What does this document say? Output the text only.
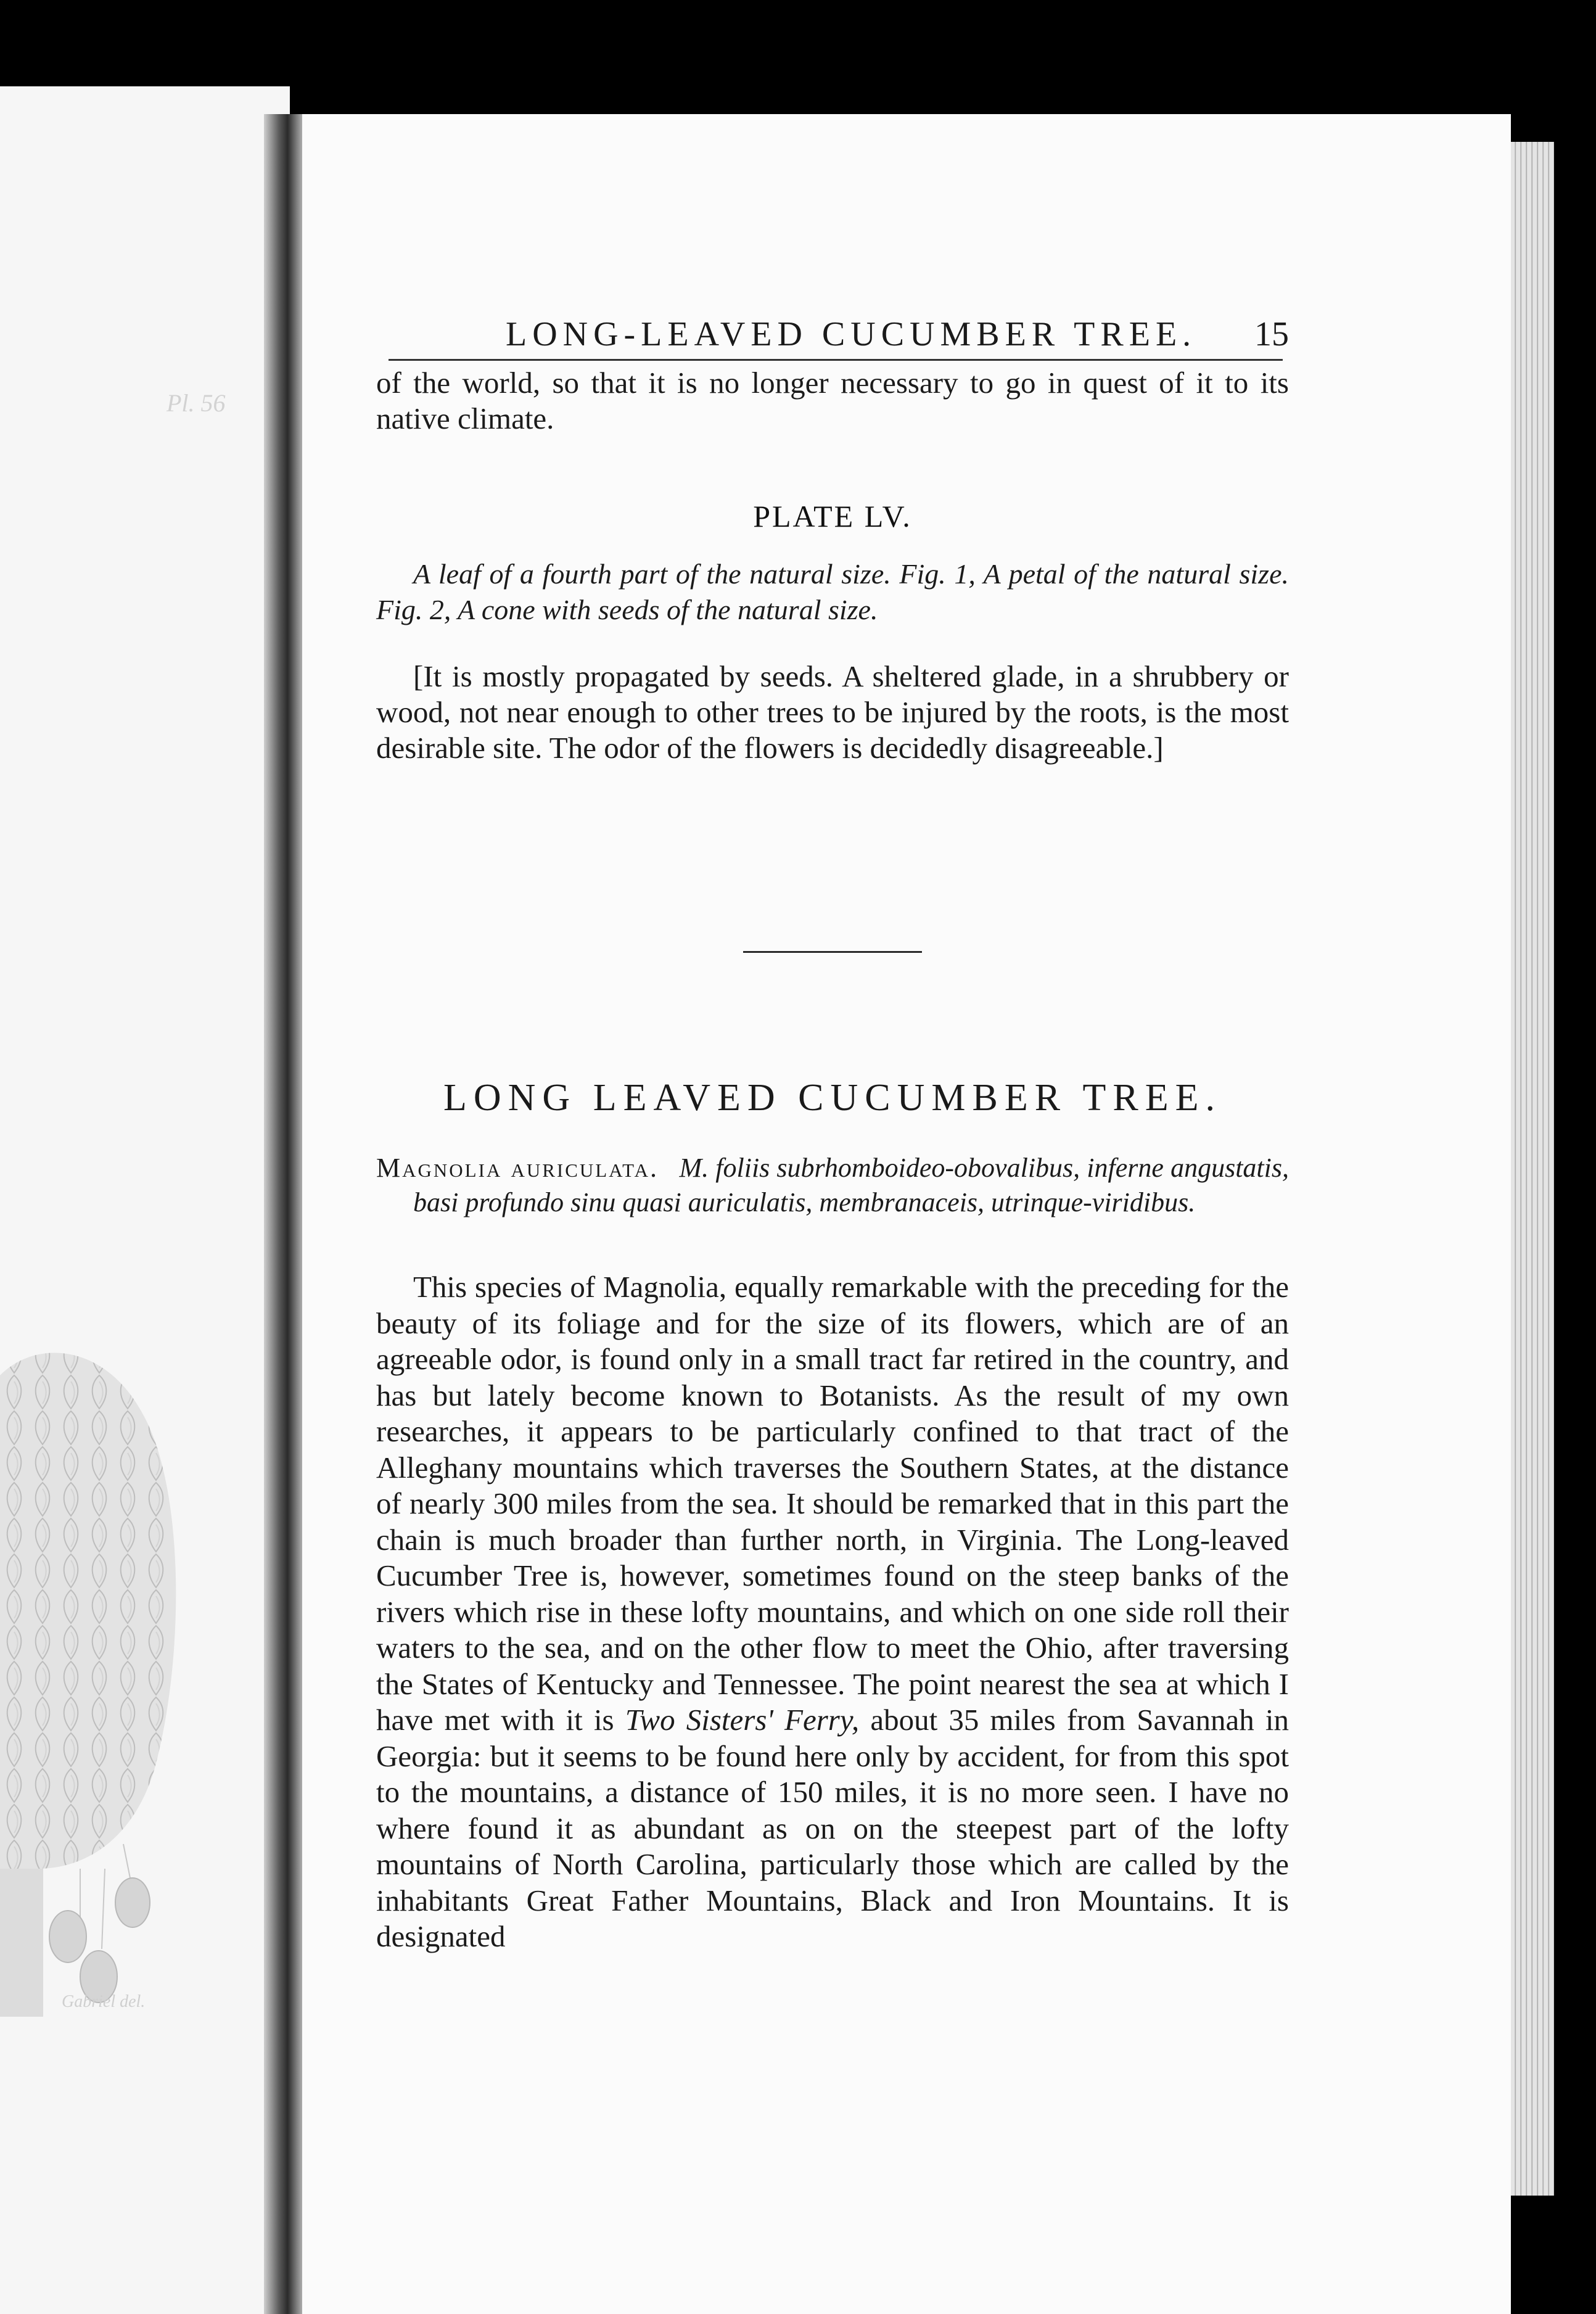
Pl. 56
Gabriel del.
LONG-LEAVED CUCUMBER TREE. 15

of the world, so that it is no longer necessary to go in quest of it to its native climate.

PLATE LV.

A leaf of a fourth part of the natural size. Fig. 1, A petal of the natural size. Fig. 2, A cone with seeds of the natural size.

[It is mostly propagated by seeds. A sheltered glade, in a shrubbery or wood, not near enough to other trees to be injured by the roots, is the most desirable site. The odor of the flowers is decidedly disagreeable.]

LONG LEAVED CUCUMBER TREE.

Magnolia auriculata. M. foliis subrhomboideo-obovalibus, inferne angustatis, basi profundo sinu quasi auriculatis, membranaceis, utrinque-viridibus.

This species of Magnolia, equally remarkable with the preceding for the beauty of its foliage and for the size of its flowers, which are of an agreeable odor, is found only in a small tract far retired in the country, and has but lately become known to Botanists. As the result of my own researches, it appears to be particularly confined to that tract of the Alleghany mountains which traverses the Southern States, at the distance of nearly 300 miles from the sea. It should be remarked that in this part the chain is much broader than further north, in Virginia. The Long-leaved Cucumber Tree is, however, sometimes found on the steep banks of the rivers which rise in these lofty mountains, and which on one side roll their waters to the sea, and on the other flow to meet the Ohio, after traversing the States of Kentucky and Tennessee. The point nearest the sea at which I have met with it is Two Sisters' Ferry, about 35 miles from Savannah in Georgia: but it seems to be found here only by accident, for from this spot to the mountains, a distance of 150 miles, it is no more seen. I have no where found it as abundant as on on the steepest part of the lofty mountains of North Carolina, particularly those which are called by the inhabitants Great Father Mountains, Black and Iron Mountains. It is designated
